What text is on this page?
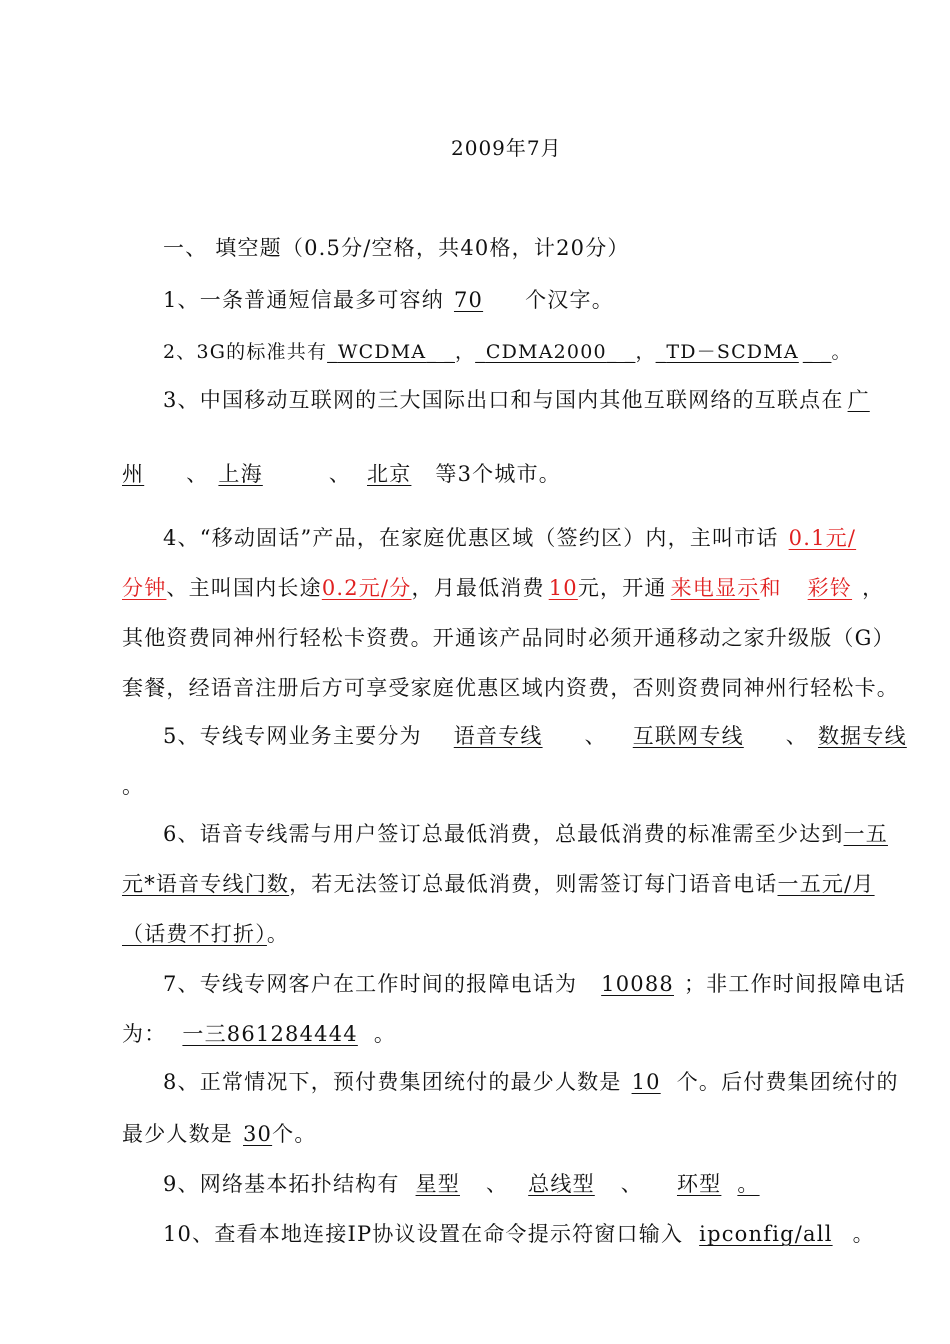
2009年7月
一、 填空题（0.5分/空格，共40格，计20分）
1、一条普通短信最多可容纳 70 个汉字。
2、3G的标准共有_WCDMA_ _，_CDMA2000_ _，_TD－SCDMA _ _。
3、中国移动互联网的三大国际出口和与国内其他互联网络的互联点在 广
州 、 上海	、 北京 等3个城市。
4、“移动固话”产品，在家庭优惠区域（签约区）内，主叫市话 0.1元/
分钟、主叫国内长途0.2元/分，月最低消费 10元，开通 来电显示和 彩铃 ，
其他资费同神州行轻松卡资费。开通该产品同时必须开通移动之家升级版（G）
套餐，经语音注册后方可享受家庭优惠区域内资费，否则资费同神州行轻松卡。
5、专线专网业务主要分为 语音专线 、 互联网专线 、 数据专线
。
6、语音专线需与用户签订总最低消费，总最低消费的标准需至少达到一五
元*语音专线门数，若无法签订总最低消费，则需签订每门语音电话一五元/月
（话费不打折）。
7、专线专网客户在工作时间的报障电话为 10088 ；非工作时间报障电话
为： 一三861284444 。
8、正常情况下，预付费集团统付的最少人数是 10 个。后付费集团统付的
最少人数是 30个。
9、网络基本拓扑结构有 星型 、 总线型 、 环型 。
10、查看本地连接IP协议设置在命令提示符窗口输入 ipconfig/all 。
